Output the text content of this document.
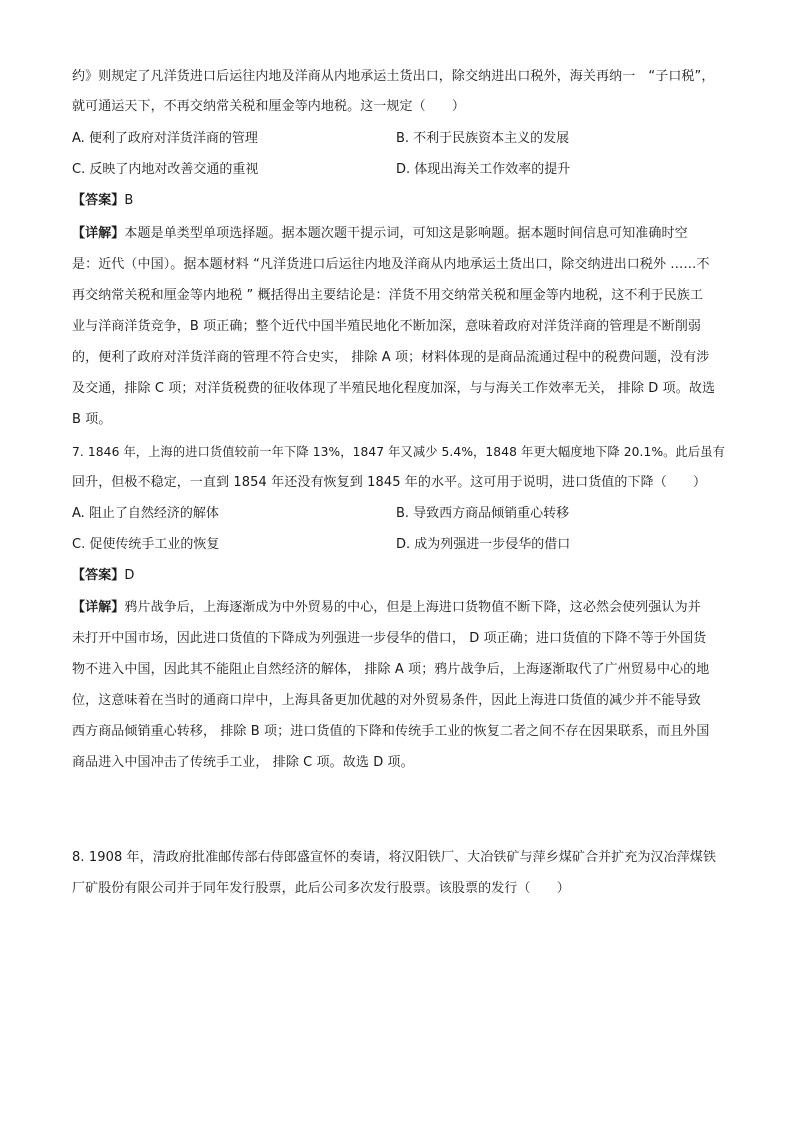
约》则规定了凡洋货进口后运往内地及洋商从内地承运土货出口，除交纳进出口税外，海关再纳一　“子口税”，
就可通运天下，不再交纳常关税和厘金等内地税。这一规定（　　）
A. 便利了政府对洋货洋商的管理	B. 不利于民族资本主义的发展
C. 反映了内地对改善交通的重视	D. 体现出海关工作效率的提升
【答案】B
【详解】本题是单类型单项选择题。据本题次题干提示词，可知这是影响题。据本题时间信息可知准确时空
是：近代（中国）。据本题材料 “凡洋货进口后运往内地及洋商从内地承运土货出口，除交纳进出口税外 ……不
再交纳常关税和厘金等内地税 ” 概括得出主要结论是：洋货不用交纳常关税和厘金等内地税，这不利于民族工
业与洋商洋货竞争，B 项正确；整个近代中国半殖民地化不断加深，意味着政府对洋货洋商的管理是不断削弱
的，便利了政府对洋货洋商的管理不符合史实， 排除 A 项；材料体现的是商品流通过程中的税费问题，没有涉
及交通，排除 C 项；对洋货税费的征收体现了半殖民地化程度加深，与与海关工作效率无关， 排除 D 项。故选
B 项。
7. 1846 年，上海的进口货值较前一年下降 13%，1847 年又减少 5.4%，1848 年更大幅度地下降 20.1%。此后虽有
回升，但极不稳定，一直到 1854 年还没有恢复到 1845 年的水平。这可用于说明，进口货值的下降（　　）
A. 阻止了自然经济的解体	B. 导致西方商品倾销重心转移
C. 促使传统手工业的恢复	D. 成为列强进一步侵华的借口
【答案】D
【详解】鸦片战争后，上海逐渐成为中外贸易的中心，但是上海进口货物值不断下降，这必然会使列强认为并
未打开中国市场，因此进口货值的下降成为列强进一步侵华的借口， D 项正确；进口货值的下降不等于外国货
物不进入中国，因此其不能阻止自然经济的解体， 排除 A 项；鸦片战争后，上海逐渐取代了广州贸易中心的地
位，这意味着在当时的通商口岸中，上海具备更加优越的对外贸易条件，因此上海进口货值的减少并不能导致
西方商品倾销重心转移， 排除 B 项；进口货值的下降和传统手工业的恢复二者之间不存在因果联系，而且外国
商品进入中国冲击了传统手工业， 排除 C 项。故选 D 项。
8. 1908 年，清政府批准邮传部右侍郎盛宣怀的奏请，将汉阳铁厂、大冶铁矿与萍乡煤矿合并扩充为汉冶萍煤铁
厂矿股份有限公司并于同年发行股票，此后公司多次发行股票。该股票的发行（　　）
